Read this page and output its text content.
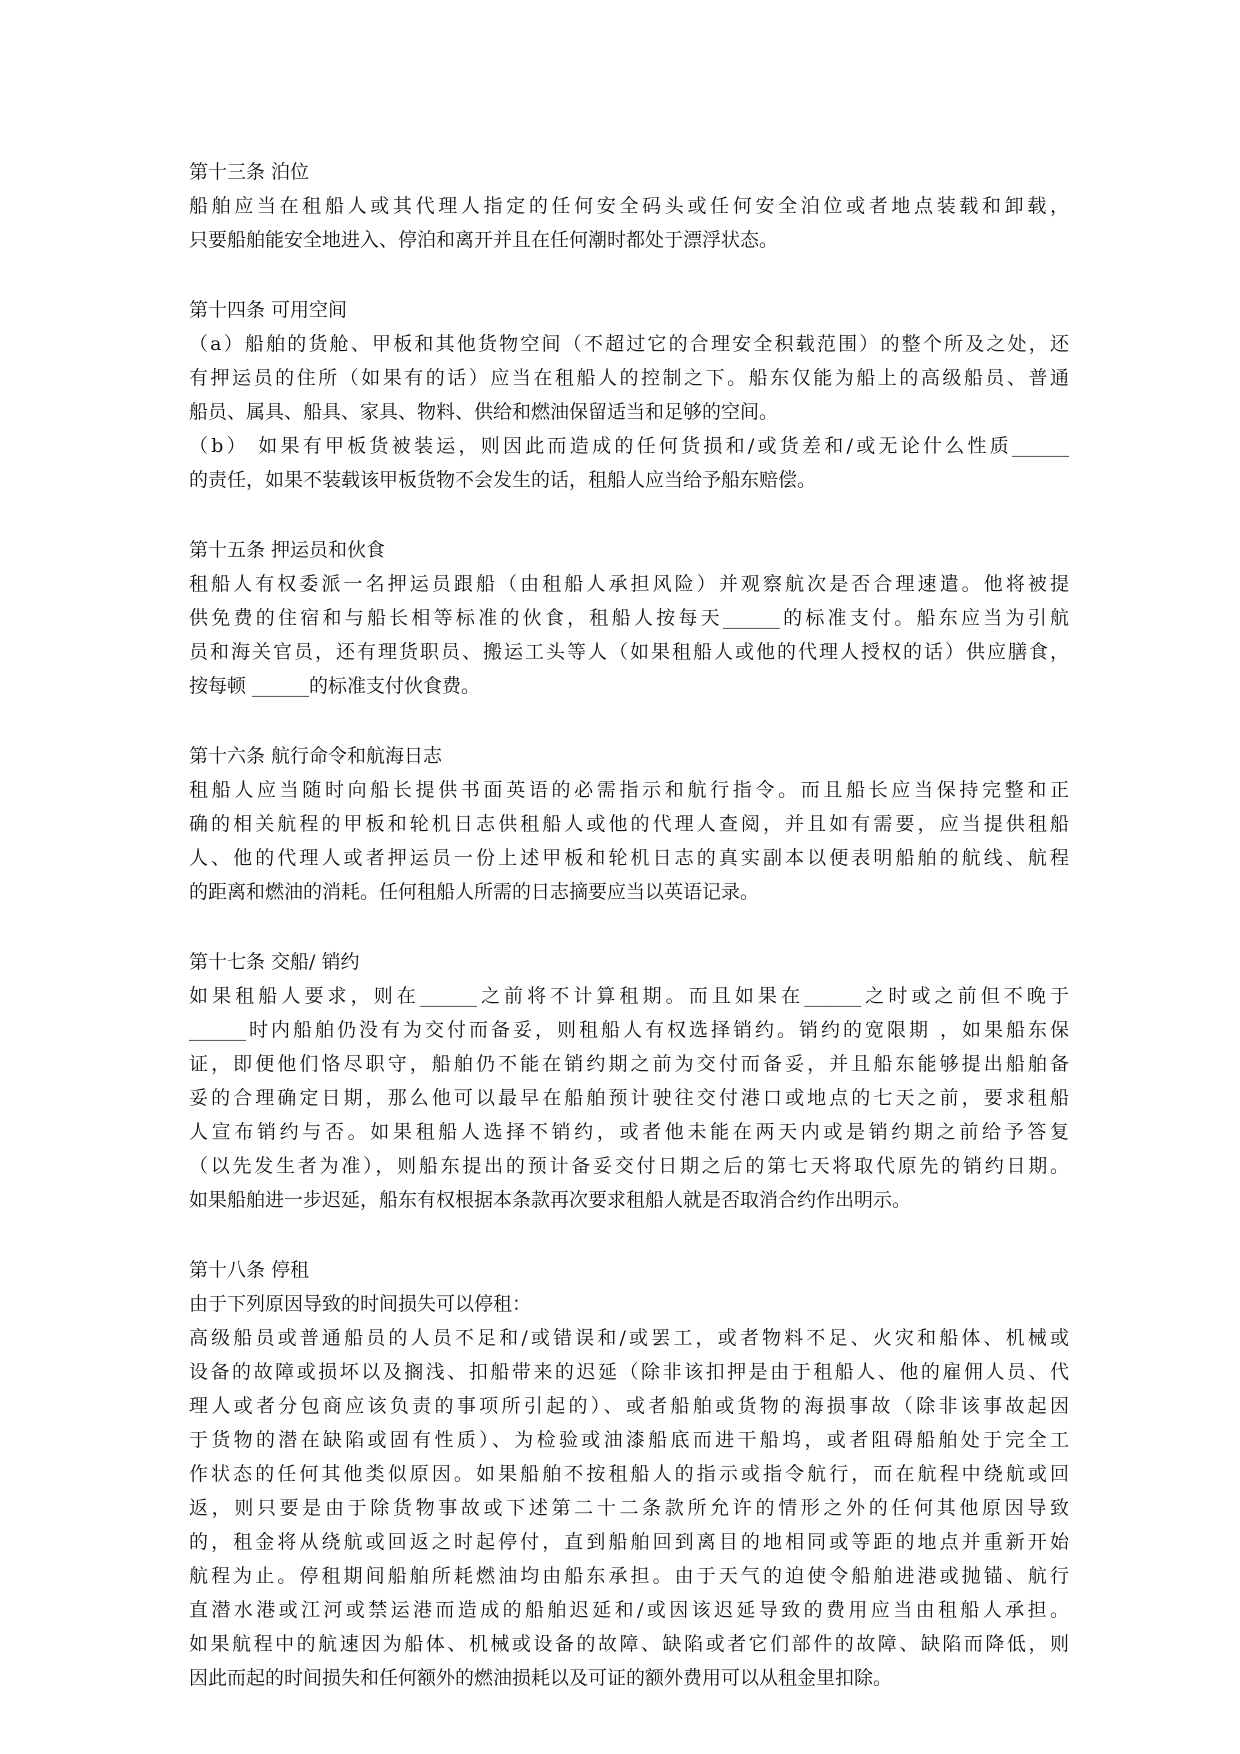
第十三条 泊位
船舶应当在租船人或其代理人指定的任何安全码头或任何安全泊位或者地点装载和卸载，
只要船舶能安全地进入、停泊和离开并且在任何潮时都处于漂浮状态。
第十四条 可用空间
（a）船舶的货舱、甲板和其他货物空间（不超过它的合理安全积载范围）的整个所及之处，还
有押运员的住所（如果有的话）应当在租船人的控制之下。船东仅能为船上的高级船员、普通
船员、属具、船具、家具、物料、供给和燃油保留适当和足够的空间。
（b） 如果有甲板货被装运，则因此而造成的任何货损和/或货差和/或无论什么性质______
的责任，如果不装载该甲板货物不会发生的话，租船人应当给予船东赔偿。
第十五条 押运员和伙食
租船人有权委派一名押运员跟船（由租船人承担风险）并观察航次是否合理速遣。他将被提
供免费的住宿和与船长相等标准的伙食，租船人按每天______的标准支付。船东应当为引航
员和海关官员，还有理货职员、搬运工头等人（如果租船人或他的代理人授权的话）供应膳食，
按每顿 ______的标准支付伙食费。
第十六条 航行命令和航海日志
租船人应当随时向船长提供书面英语的必需指示和航行指令。而且船长应当保持完整和正
确的相关航程的甲板和轮机日志供租船人或他的代理人查阅，并且如有需要，应当提供租船
人、他的代理人或者押运员一份上述甲板和轮机日志的真实副本以便表明船舶的航线、航程
的距离和燃油的消耗。任何租船人所需的日志摘要应当以英语记录。
第十七条 交船/ 销约
如果租船人要求，则在______之前将不计算租期。而且如果在______之时或之前但不晚于
______时内船舶仍没有为交付而备妥，则租船人有权选择销约。销约的宽限期 ，如果船东保
证，即便他们恪尽职守，船舶仍不能在销约期之前为交付而备妥，并且船东能够提出船舶备
妥的合理确定日期，那么他可以最早在船舶预计驶往交付港口或地点的七天之前，要求租船
人宣布销约与否。如果租船人选择不销约，或者他未能在两天内或是销约期之前给予答复
（以先发生者为准），则船东提出的预计备妥交付日期之后的第七天将取代原先的销约日期。
如果船舶进一步迟延，船东有权根据本条款再次要求租船人就是否取消合约作出明示。
第十八条 停租
由于下列原因导致的时间损失可以停租：
高级船员或普通船员的人员不足和/或错误和/或罢工，或者物料不足、火灾和船体、机械或
设备的故障或损坏以及搁浅、扣船带来的迟延（除非该扣押是由于租船人、他的雇佣人员、代
理人或者分包商应该负责的事项所引起的）、或者船舶或货物的海损事故（除非该事故起因
于货物的潜在缺陷或固有性质）、为检验或油漆船底而进干船坞，或者阻碍船舶处于完全工
作状态的任何其他类似原因。如果船舶不按租船人的指示或指令航行，而在航程中绕航或回
返，则只要是由于除货物事故或下述第二十二条款所允许的情形之外的任何其他原因导致
的，租金将从绕航或回返之时起停付，直到船舶回到离目的地相同或等距的地点并重新开始
航程为止。停租期间船舶所耗燃油均由船东承担。由于天气的迫使令船舶进港或抛锚、航行
直潜水港或江河或禁运港而造成的船舶迟延和/或因该迟延导致的费用应当由租船人承担。
如果航程中的航速因为船体、机械或设备的故障、缺陷或者它们部件的故障、缺陷而降低，则
因此而起的时间损失和任何额外的燃油损耗以及可证的额外费用可以从租金里扣除。
